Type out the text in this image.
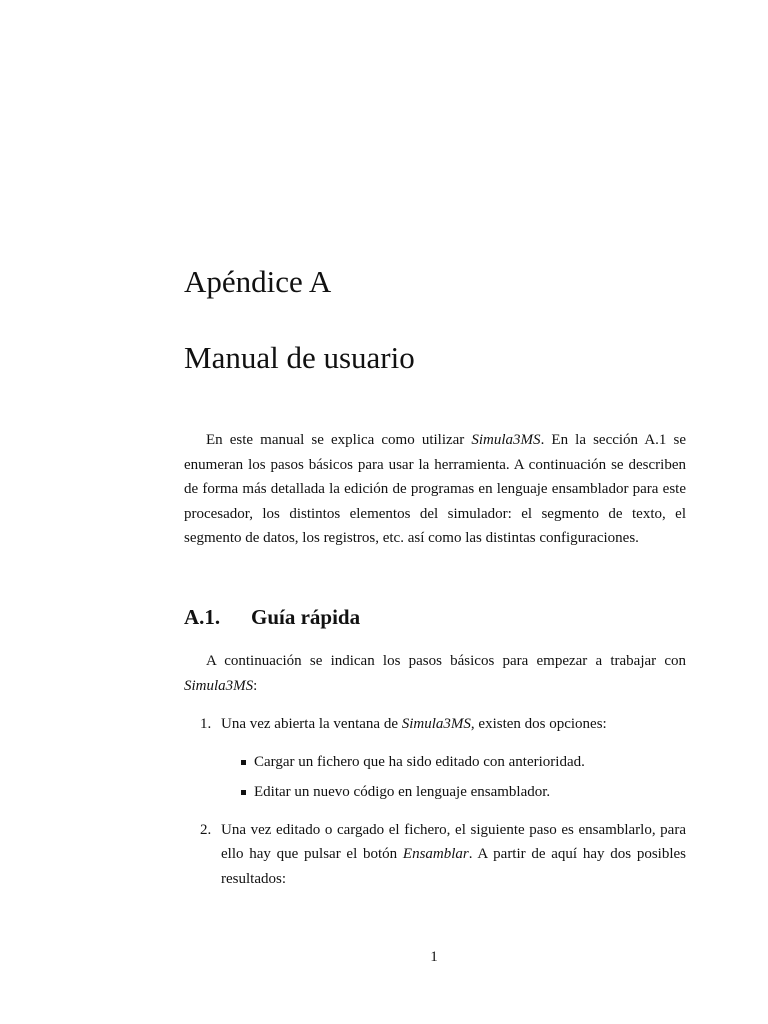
Apéndice A
Manual de usuario

En este manual se explica como utilizar Simula3MS. En la sección A.1 se enumeran los pasos básicos para usar la herramienta. A continuación se describen de forma más detallada la edición de programas en lenguaje ensamblador para este procesador, los distintos elementos del simulador: el segmento de texto, el segmento de datos, los registros, etc. así como las distintas configuraciones.

A.1. Guía rápida

A continuación se indican los pasos básicos para empezar a trabajar con Simula3MS:

1. Una vez abierta la ventana de Simula3MS, existen dos opciones:
Cargar un fichero que ha sido editado con anterioridad.
Editar un nuevo código en lenguaje ensamblador.
2. Una vez editado o cargado el fichero, el siguiente paso es ensamblarlo, para ello hay que pulsar el botón Ensamblar. A partir de aquí hay dos posibles resultados:
1
